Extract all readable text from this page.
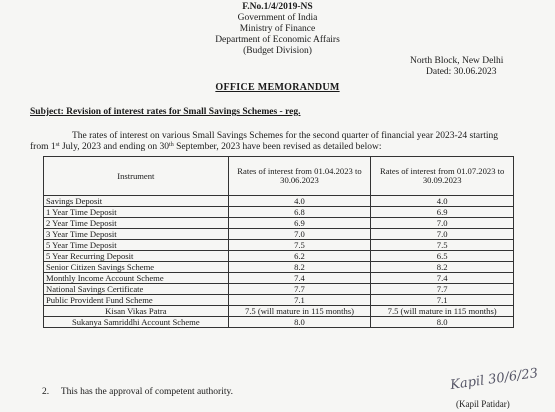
F.No.1/4/2019-NS
Government of India
Ministry of Finance
Department of Economic Affairs
(Budget Division)
North Block, New Delhi
Dated: 30.06.2023
OFFICE MEMORANDUM
Subject: Revision of interest rates for Small Savings Schemes - reg.
The rates of interest on various Small Savings Schemes for the second quarter of financial year 2023-24 starting
from 1st July, 2023 and ending on 30th September, 2023 have been revised as detailed below:
Instrument	Rates of interest from 01.04.2023 to 30.06.2023	Rates of interest from 01.07.2023 to 30.09.2023
Savings Deposit	4.0	4.0
1 Year Time Deposit	6.8	6.9
2 Year Time Deposit	6.9	7.0
3 Year Time Deposit	7.0	7.0
5 Year Time Deposit	7.5	7.5
5 Year Recurring Deposit	6.2	6.5
Senior Citizen Savings Scheme	8.2	8.2
Monthly Income Account Scheme	7.4	7.4
National Savings Certificate	7.7	7.7
Public Provident Fund Scheme	7.1	7.1
Kisan Vikas Patra	7.5 (will mature in 115 months)	7.5 (will mature in 115 months)
Sukanya Samriddhi Account Scheme	8.0	8.0
2.     This has the approval of competent authority.	Kapil 30/6/23
(Kapil Patidar)
